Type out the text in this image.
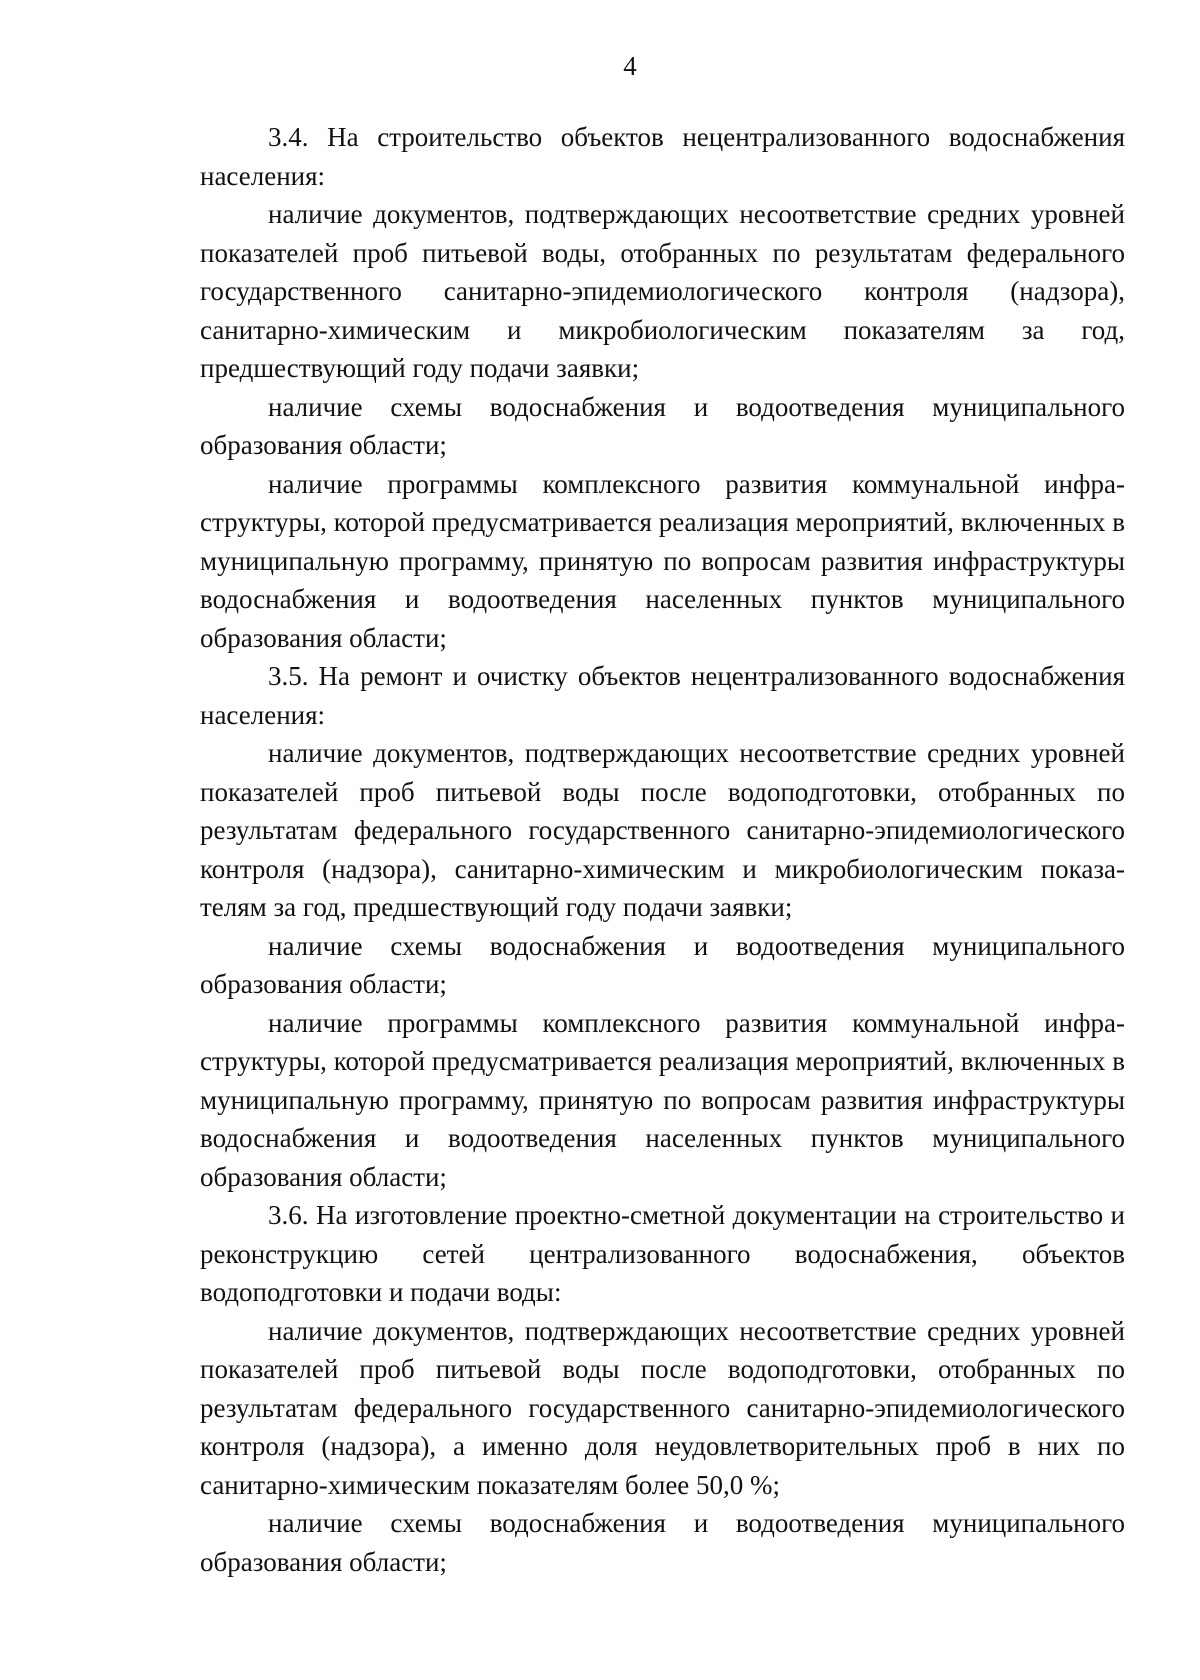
4

3.4. На строительство объектов нецентрализованного водоснабжения населения:

наличие документов, подтверждающих несоответствие средних уровней показателей проб питьевой воды, отобранных по результатам федерального государственного санитарно-эпидемиологического контроля (надзора), санитарно-химическим и микробиологическим показателям за год, предшествующий году подачи заявки;

наличие схемы водоснабжения и водоотведения муниципального образования области;

наличие программы комплексного развития коммунальной инфраструктуры, которой предусматривается реализация мероприятий, включенных в муниципальную программу, принятую по вопросам развития инфраструктуры водоснабжения и водоотведения населенных пунктов муниципального образования области;

3.5. На ремонт и очистку объектов нецентрализованного водоснабжения населения:

наличие документов, подтверждающих несоответствие средних уровней показателей проб питьевой воды после водоподготовки, отобранных по результатам федерального государственного санитарно-эпидемиологического контроля (надзора), санитарно-химическим и микробиологическим показателям за год, предшествующий году подачи заявки;

наличие схемы водоснабжения и водоотведения муниципального образования области;

наличие программы комплексного развития коммунальной инфраструктуры, которой предусматривается реализация мероприятий, включенных в муниципальную программу, принятую по вопросам развития инфраструктуры водоснабжения и водоотведения населенных пунктов муниципального образования области;

3.6. На изготовление проектно-сметной документации на строительство и реконструкцию сетей централизованного водоснабжения, объектов водоподготовки и подачи воды:

наличие документов, подтверждающих несоответствие средних уровней показателей проб питьевой воды после водоподготовки, отобранных по результатам федерального государственного санитарно-эпидемиологического контроля (надзора), а именно доля неудовлетворительных проб в них по санитарно-химическим показателям более 50,0 %;

наличие схемы водоснабжения и водоотведения муниципального образования области;
